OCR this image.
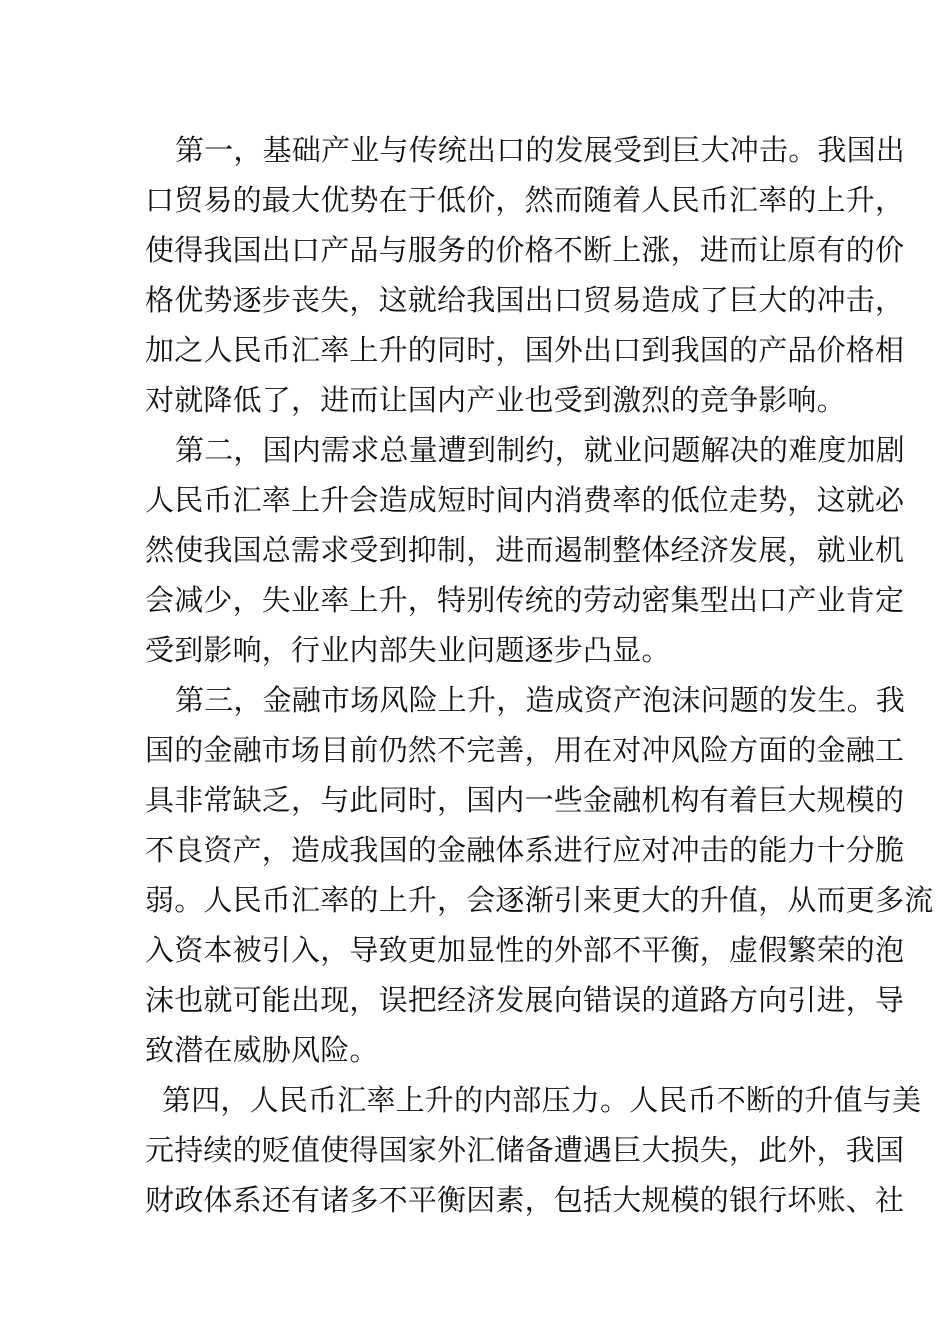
第一，基础产业与传统出口的发展受到巨大冲击。我国出
口贸易的最大优势在于低价，然而随着人民币汇率的上升，
使得我国出口产品与服务的价格不断上涨，进而让原有的价
格优势逐步丧失，这就给我国出口贸易造成了巨大的冲击，
加之人民币汇率上升的同时，国外出口到我国的产品价格相
对就降低了，进而让国内产业也受到激烈的竞争影响。
第二，国内需求总量遭到制约，就业问题解决的难度加剧
人民币汇率上升会造成短时间内消费率的低位走势，这就必
然使我国总需求受到抑制，进而遏制整体经济发展，就业机
会减少，失业率上升，特别传统的劳动密集型出口产业肯定
受到影响，行业内部失业问题逐步凸显。
第三，金融市场风险上升，造成资产泡沫问题的发生。我
国的金融市场目前仍然不完善，用在对冲风险方面的金融工
具非常缺乏，与此同时，国内一些金融机构有着巨大规模的
不良资产，造成我国的金融体系进行应对冲击的能力十分脆
弱。人民币汇率的上升，会逐渐引来更大的升值，从而更多流
入资本被引入，导致更加显性的外部不平衡，虚假繁荣的泡
沫也就可能出现，误把经济发展向错误的道路方向引进，导
致潜在威胁风险。
第四，人民币汇率上升的内部压力。人民币不断的升值与美
元持续的贬值使得国家外汇储备遭遇巨大损失，此外，我国
财政体系还有诸多不平衡因素，包括大规模的银行坏账、社
